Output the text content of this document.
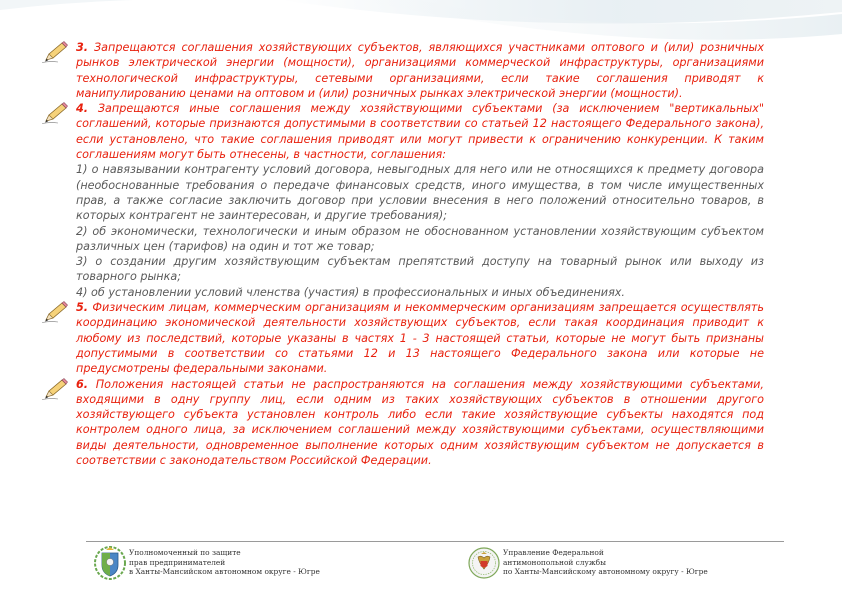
3. Запрещаются соглашения хозяйствующих субъектов, являющихся участниками оптового и (или) розничных рынков электрической энергии (мощности), организациями коммерческой инфраструктуры, организациями технологической инфраструктуры, сетевыми организациями, если такие соглашения приводят к манипулированию ценами на оптовом и (или) розничных рынках электрической энергии (мощности).

4. Запрещаются иные соглашения между хозяйствующими субъектами (за исключением "вертикальных" соглашений, которые признаются допустимыми в соответствии со статьей 12 настоящего Федерального закона), если установлено, что такие соглашения приводят или могут привести к ограничению конкуренции. К таким соглашениям могут быть отнесены, в частности, соглашения:

1) о навязывании контрагенту условий договора, невыгодных для него или не относящихся к предмету договора (необоснованные требования о передаче финансовых средств, иного имущества, в том числе имущественных прав, а также согласие заключить договор при условии внесения в него положений относительно товаров, в которых контрагент не заинтересован, и другие требования);

2) об экономически, технологически и иным образом не обоснованном установлении хозяйствующим субъектом различных цен (тарифов) на один и тот же товар;

3) о создании другим хозяйствующим субъектам препятствий доступу на товарный рынок или выходу из товарного рынка;

4) об установлении условий членства (участия) в профессиональных и иных объединениях.

5. Физическим лицам, коммерческим организациям и некоммерческим организациям запрещается осуществлять координацию экономической деятельности хозяйствующих субъектов, если такая координация приводит к любому из последствий, которые указаны в частях 1 - 3 настоящей статьи, которые не могут быть признаны допустимыми в соответствии со статьями 12 и 13 настоящего Федерального закона или которые не предусмотрены федеральными законами.

6. Положения настоящей статьи не распространяются на соглашения между хозяйствующими субъектами, входящими в одну группу лиц, если одним из таких хозяйствующих субъектов в отношении другого хозяйствующего субъекта установлен контроль либо если такие хозяйствующие субъекты находятся под контролем одного лица, за исключением соглашений между хозяйствующими субъектами, осуществляющими виды деятельности, одновременное выполнение которых одним хозяйствующим субъектом не допускается в соответствии с законодательством Российской Федерации.

Уполномоченный по защите
прав предпринимателей
в Ханты-Мансийском автономном округе - Югре
Управление Федеральной
антимонопольной службы
по Ханты-Мансийскому автономному округу - Югре
